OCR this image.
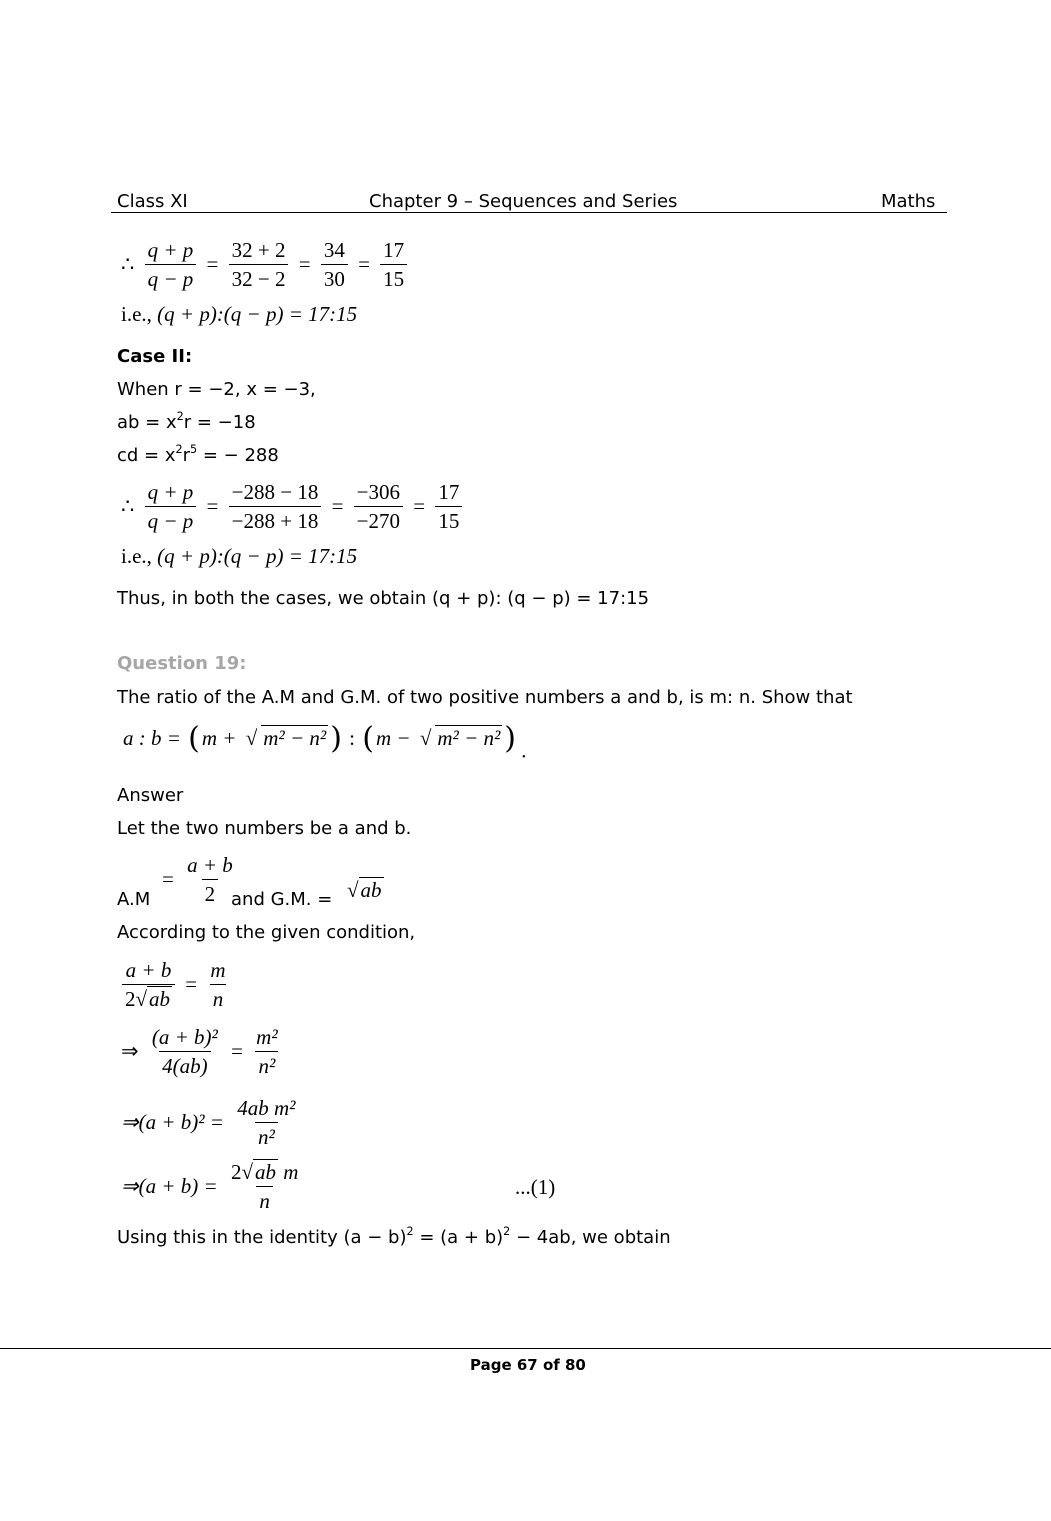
Class XI	Chapter 9 – Sequences and Series	Maths
∴ $\frac{q + p}{q - p} = \frac{32 + 2}{32 - 2} = \frac{34}{30} = \frac{17}{15}$
i.e., (q + p):(q − p) = 17:15
Case II:
When r = −2, x = −3,
ab = $x^2r = -18$
cd = $x^2r^5$ = − 288
∴ $\frac{q + p}{q - p} = \frac{-288 - 18}{-288 + 18} = \frac{-306}{-270} = \frac{17}{15}$
i.e., (q + p):(q − p) = 17:15
Thus, in both the cases, we obtain (q + p): (q − p) = 17:15
Question 19:
The ratio of the A.M and G.M. of two positive numbers a and b, is m: n. Show that
a : b = (m + √ m² − n² ) : (m − √ m² − n² ) .
Answer
Let the two numbers be a and b.
A.M
= $\frac{a + b}{2}$
and G.M. = √ab
According to the given condition,
$\frac{a + b}{2√ab} = \frac{m}{n}$
⇒ $\frac{\text{(a + b)²}}{4(ab)} = \frac{\text{m²}}{\text{n²}}$
⇒(a + $b)^2 = \frac{\text{4ab m²}}{\text{n²}}$
⇒(a + $b) = \frac{\text{2√ab m}}{n}$	...(1)
Using this in the identity $(a - b)^2 = (a + b)^2 - 4ab$, we obtain
Page 67 of 80
